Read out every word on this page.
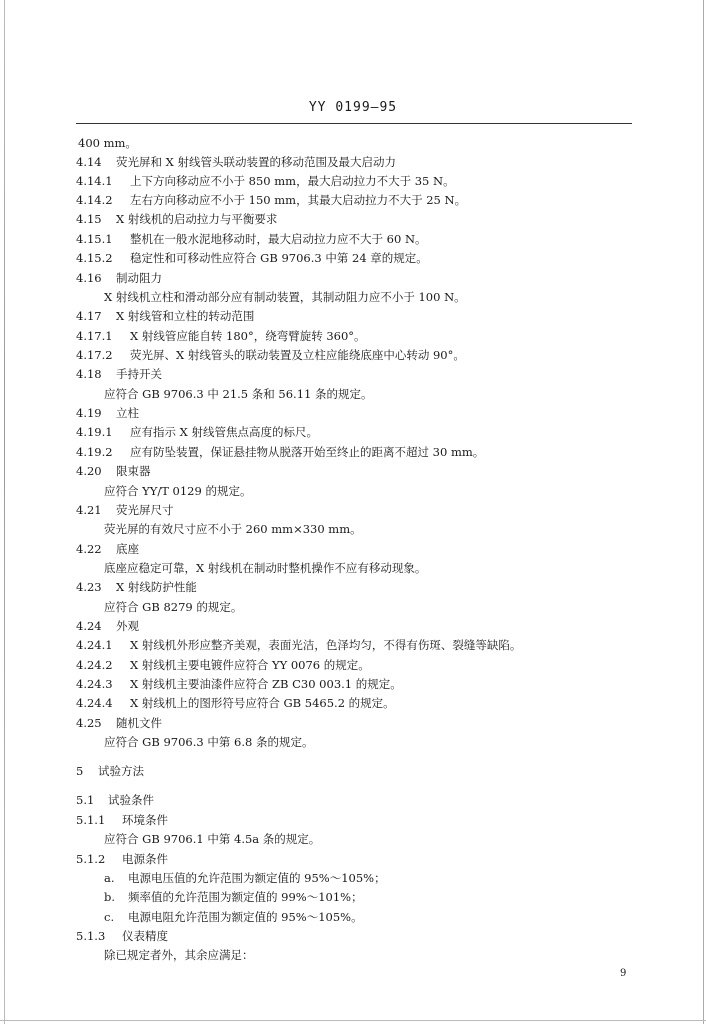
YY 0199—95
400 mm。
4.14 荧光屏和 X 射线管头联动装置的移动范围及最大启动力
4.14.1 上下方向移动应不小于 850 mm，最大启动拉力不大于 35 N。
4.14.2 左右方向移动应不小于 150 mm，其最大启动拉力不大于 25 N。
4.15 X 射线机的启动拉力与平衡要求
4.15.1 整机在一般水泥地移动时，最大启动拉力应不大于 60 N。
4.15.2 稳定性和可移动性应符合 GB 9706.3 中第 24 章的规定。
4.16 制动阻力
X 射线机立柱和滑动部分应有制动装置，其制动阻力应不小于 100 N。
4.17 X 射线管和立柱的转动范围
4.17.1 X 射线管应能自转 180°，绕弯臂旋转 360°。
4.17.2 荧光屏、X 射线管头的联动装置及立柱应能绕底座中心转动 90°。
4.18 手持开关
应符合 GB 9706.3 中 21.5 条和 56.11 条的规定。
4.19 立柱
4.19.1 应有指示 X 射线管焦点高度的标尺。
4.19.2 应有防坠装置，保证悬挂物从脱落开始至终止的距离不超过 30 mm。
4.20 限束器
应符合 YY/T 0129 的规定。
4.21 荧光屏尺寸
荧光屏的有效尺寸应不小于 260 mm×330 mm。
4.22 底座
底座应稳定可靠，X 射线机在制动时整机操作不应有移动现象。
4.23 X 射线防护性能
应符合 GB 8279 的规定。
4.24 外观
4.24.1 X 射线机外形应整齐美观，表面光洁，色泽均匀，不得有伤斑、裂缝等缺陷。
4.24.2 X 射线机主要电镀件应符合 YY 0076 的规定。
4.24.3 X 射线机主要油漆件应符合 ZB C30 003.1 的规定。
4.24.4 X 射线机上的图形符号应符合 GB 5465.2 的规定。
4.25 随机文件
应符合 GB 9706.3 中第 6.8 条的规定。
5 试验方法
5.1 试验条件
5.1.1 环境条件
应符合 GB 9706.1 中第 4.5a 条的规定。
5.1.2 电源条件
a. 电源电压值的允许范围为额定值的 95%～105%；
b. 频率值的允许范围为额定值的 99%～101%；
c. 电源电阻允许范围为额定值的 95%～105%。
5.1.3 仪表精度
除已规定者外，其余应满足：
9
